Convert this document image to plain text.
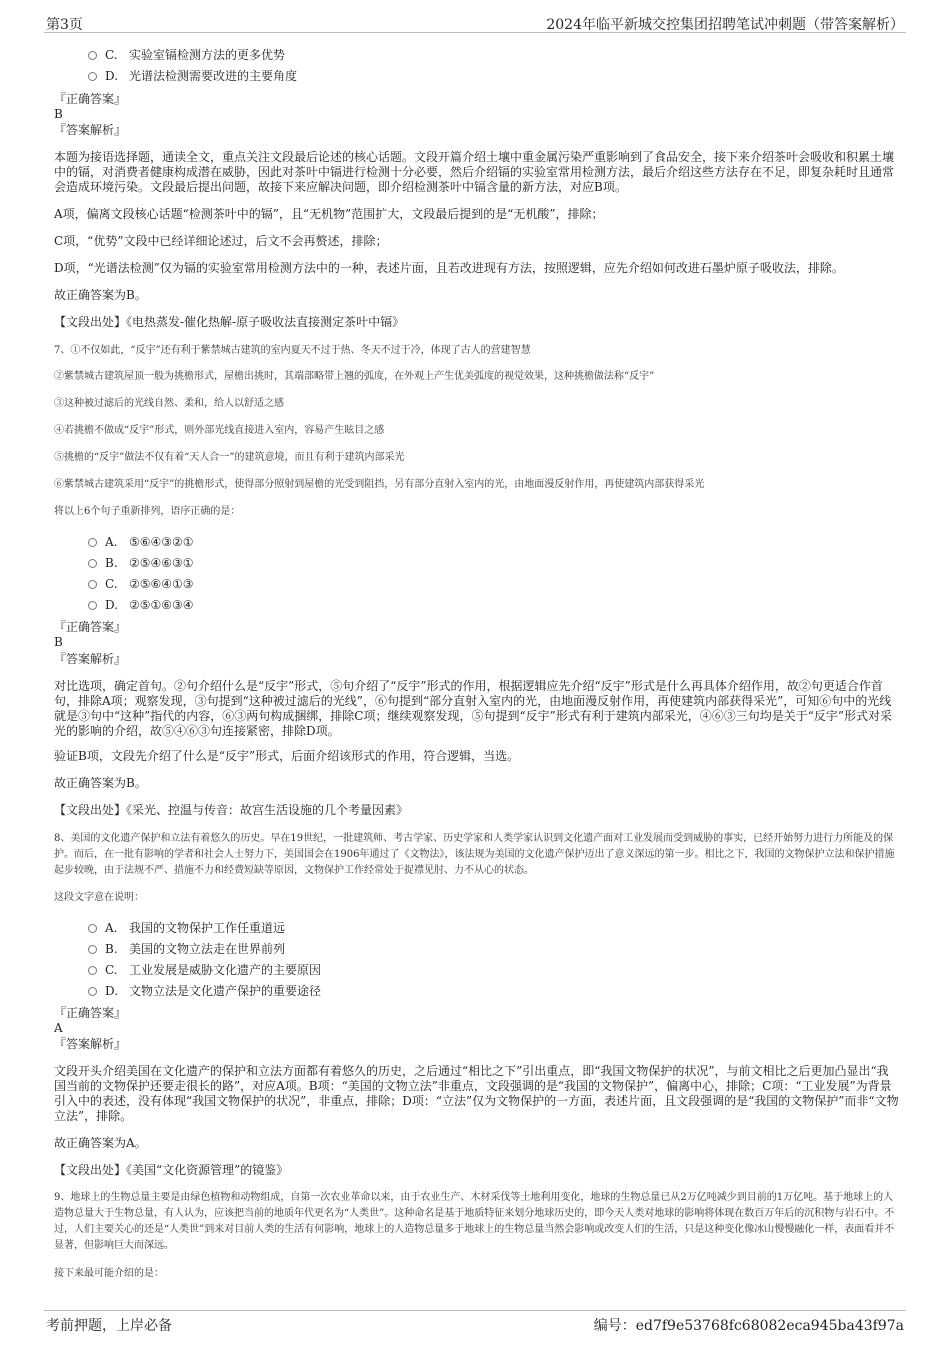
第3页	2024年临平新城交控集团招聘笔试冲刺题（带答案解析）
C. 实验室镉检测方法的更多优势
D. 光谱法检测需要改进的主要角度
『正确答案』
B
『答案解析』
本题为接语选择题，通读全文，重点关注文段最后论述的核心话题。文段开篇介绍土壤中重金属污染严重影响到了食品安全，接下来介绍茶叶会吸收和积累土壤中的镉，对消费者健康构成潜在威胁，因此对茶叶中镉进行检测十分必要，然后介绍镉的实验室常用检测方法，最后介绍这些方法存在不足，即复杂耗时且通常会造成环境污染。文段最后提出问题，故接下来应解决问题，即介绍检测茶叶中镉含量的新方法，对应B项。
A项，偏离文段核心话题“检测茶叶中的镉”，且“无机物”范围扩大，文段最后提到的是“无机酸”，排除；
C项，“优势”文段中已经详细论述过，后文不会再赘述，排除；
D项，“光谱法检测”仅为镉的实验室常用检测方法中的一种，表述片面，且若改进现有方法，按照逻辑，应先介绍如何改进石墨炉原子吸收法，排除。
故正确答案为B。
【文段出处】《电热蒸发-催化热解-原子吸收法直接测定茶叶中镉》
7、①不仅如此，“反宇”还有利于紫禁城古建筑的室内夏天不过于热、冬天不过于冷，体现了古人的营建智慧
②紫禁城古建筑屋顶一般为挑檐形式，屋檐出挑时，其端部略带上翘的弧度，在外观上产生优美弧度的视觉效果，这种挑檐做法称“反宇”
③这种被过滤后的光线自然、柔和，给人以舒适之感
④若挑檐不做成“反宇”形式，则外部光线直接进入室内，容易产生眩目之感
⑤挑檐的“反宇”做法不仅有着“天人合一”的建筑意境，而且有利于建筑内部采光
⑥紫禁城古建筑采用“反宇”的挑檐形式，使得部分照射到屋檐的光受到阻挡，另有部分直射入室内的光，由地面漫反射作用，再使建筑内部获得采光
将以上6个句子重新排列，语序正确的是：
A. ⑤⑥④③②①
B. ②⑤④⑥③①
C. ②⑤⑥④①③
D. ②⑤①⑥③④
『正确答案』
B
『答案解析』
对比选项，确定首句。②句介绍什么是“反宇”形式，⑤句介绍了“反宇”形式的作用，根据逻辑应先介绍“反宇”形式是什么再具体介绍作用，故②句更适合作首句，排除A项；观察发现，③句提到“这种被过滤后的光线”，⑥句提到“部分直射入室内的光，由地面漫反射作用，再使建筑内部获得采光”，可知⑥句中的光线就是③句中“这种”指代的内容，⑥③两句构成捆绑，排除C项；继续观察发现，⑤句提到“反宇”形式有利于建筑内部采光，④⑥③三句均是关于“反宇”形式对采光的影响的介绍，故⑤④⑥③句连接紧密，排除D项。
验证B项，文段先介绍了什么是“反宇”形式，后面介绍该形式的作用，符合逻辑，当选。
故正确答案为B。
【文段出处】《采光、控温与传音：故宫生活设施的几个考量因素》
8、美国的文化遗产保护和立法有着悠久的历史。早在19世纪，一批建筑师、考古学家、历史学家和人类学家认识到文化遗产面对工业发展而受到威胁的事实，已经开始努力进行力所能及的保护。而后，在一批有影响的学者和社会人士努力下，美国国会在1906年通过了《文物法》，该法规为美国的文化遗产保护迈出了意义深远的第一步。相比之下，我国的文物保护立法和保护措施起步较晚，由于法规不严、措施不力和经费短缺等原因，文物保护工作经常处于捉襟见肘、力不从心的状态。
这段文字意在说明：
A. 我国的文物保护工作任重道远
B. 美国的文物立法走在世界前列
C. 工业发展是威胁文化遗产的主要原因
D. 文物立法是文化遗产保护的重要途径
『正确答案』
A
『答案解析』
文段开头介绍美国在文化遗产的保护和立法方面都有着悠久的历史，之后通过“相比之下”引出重点，即“我国文物保护的状况”，与前文相比之后更加凸显出“我国当前的文物保护还要走很长的路”，对应A项。B项：“美国的文物立法”非重点，文段强调的是“我国的文物保护”，偏离中心，排除；C项：“工业发展”为背景引入中的表述，没有体现“我国文物保护的状况”，非重点，排除；D项：“立法”仅为文物保护的一方面，表述片面，且文段强调的是“我国的文物保护”而非“文物立法”，排除。
故正确答案为A。
【文段出处】《美国“文化资源管理”的镜鉴》
9、地球上的生物总量主要是由绿色植物和动物组成，自第一次农业革命以来，由于农业生产、木材采伐等土地利用变化，地球的生物总量已从2万亿吨减少到目前的1万亿吨。基于地球上的人造物总量大于生物总量，有人认为，应该把当前的地质年代更名为“人类世”。这种命名是基于地质特征来划分地球历史的，即今天人类对地球的影响将体现在数百万年后的沉积物与岩石中。不过，人们主要关心的还是“人类世”到来对目前人类的生活有何影响，地球上的人造物总量多于地球上的生物总量当然会影响或改变人们的生活，只是这种变化像冰山慢慢融化一样，表面看并不显著，但影响巨大而深远。
接下来最可能介绍的是：
考前押题，上岸必备	编号：ed7f9e53768fc68082eca945ba43f97a
